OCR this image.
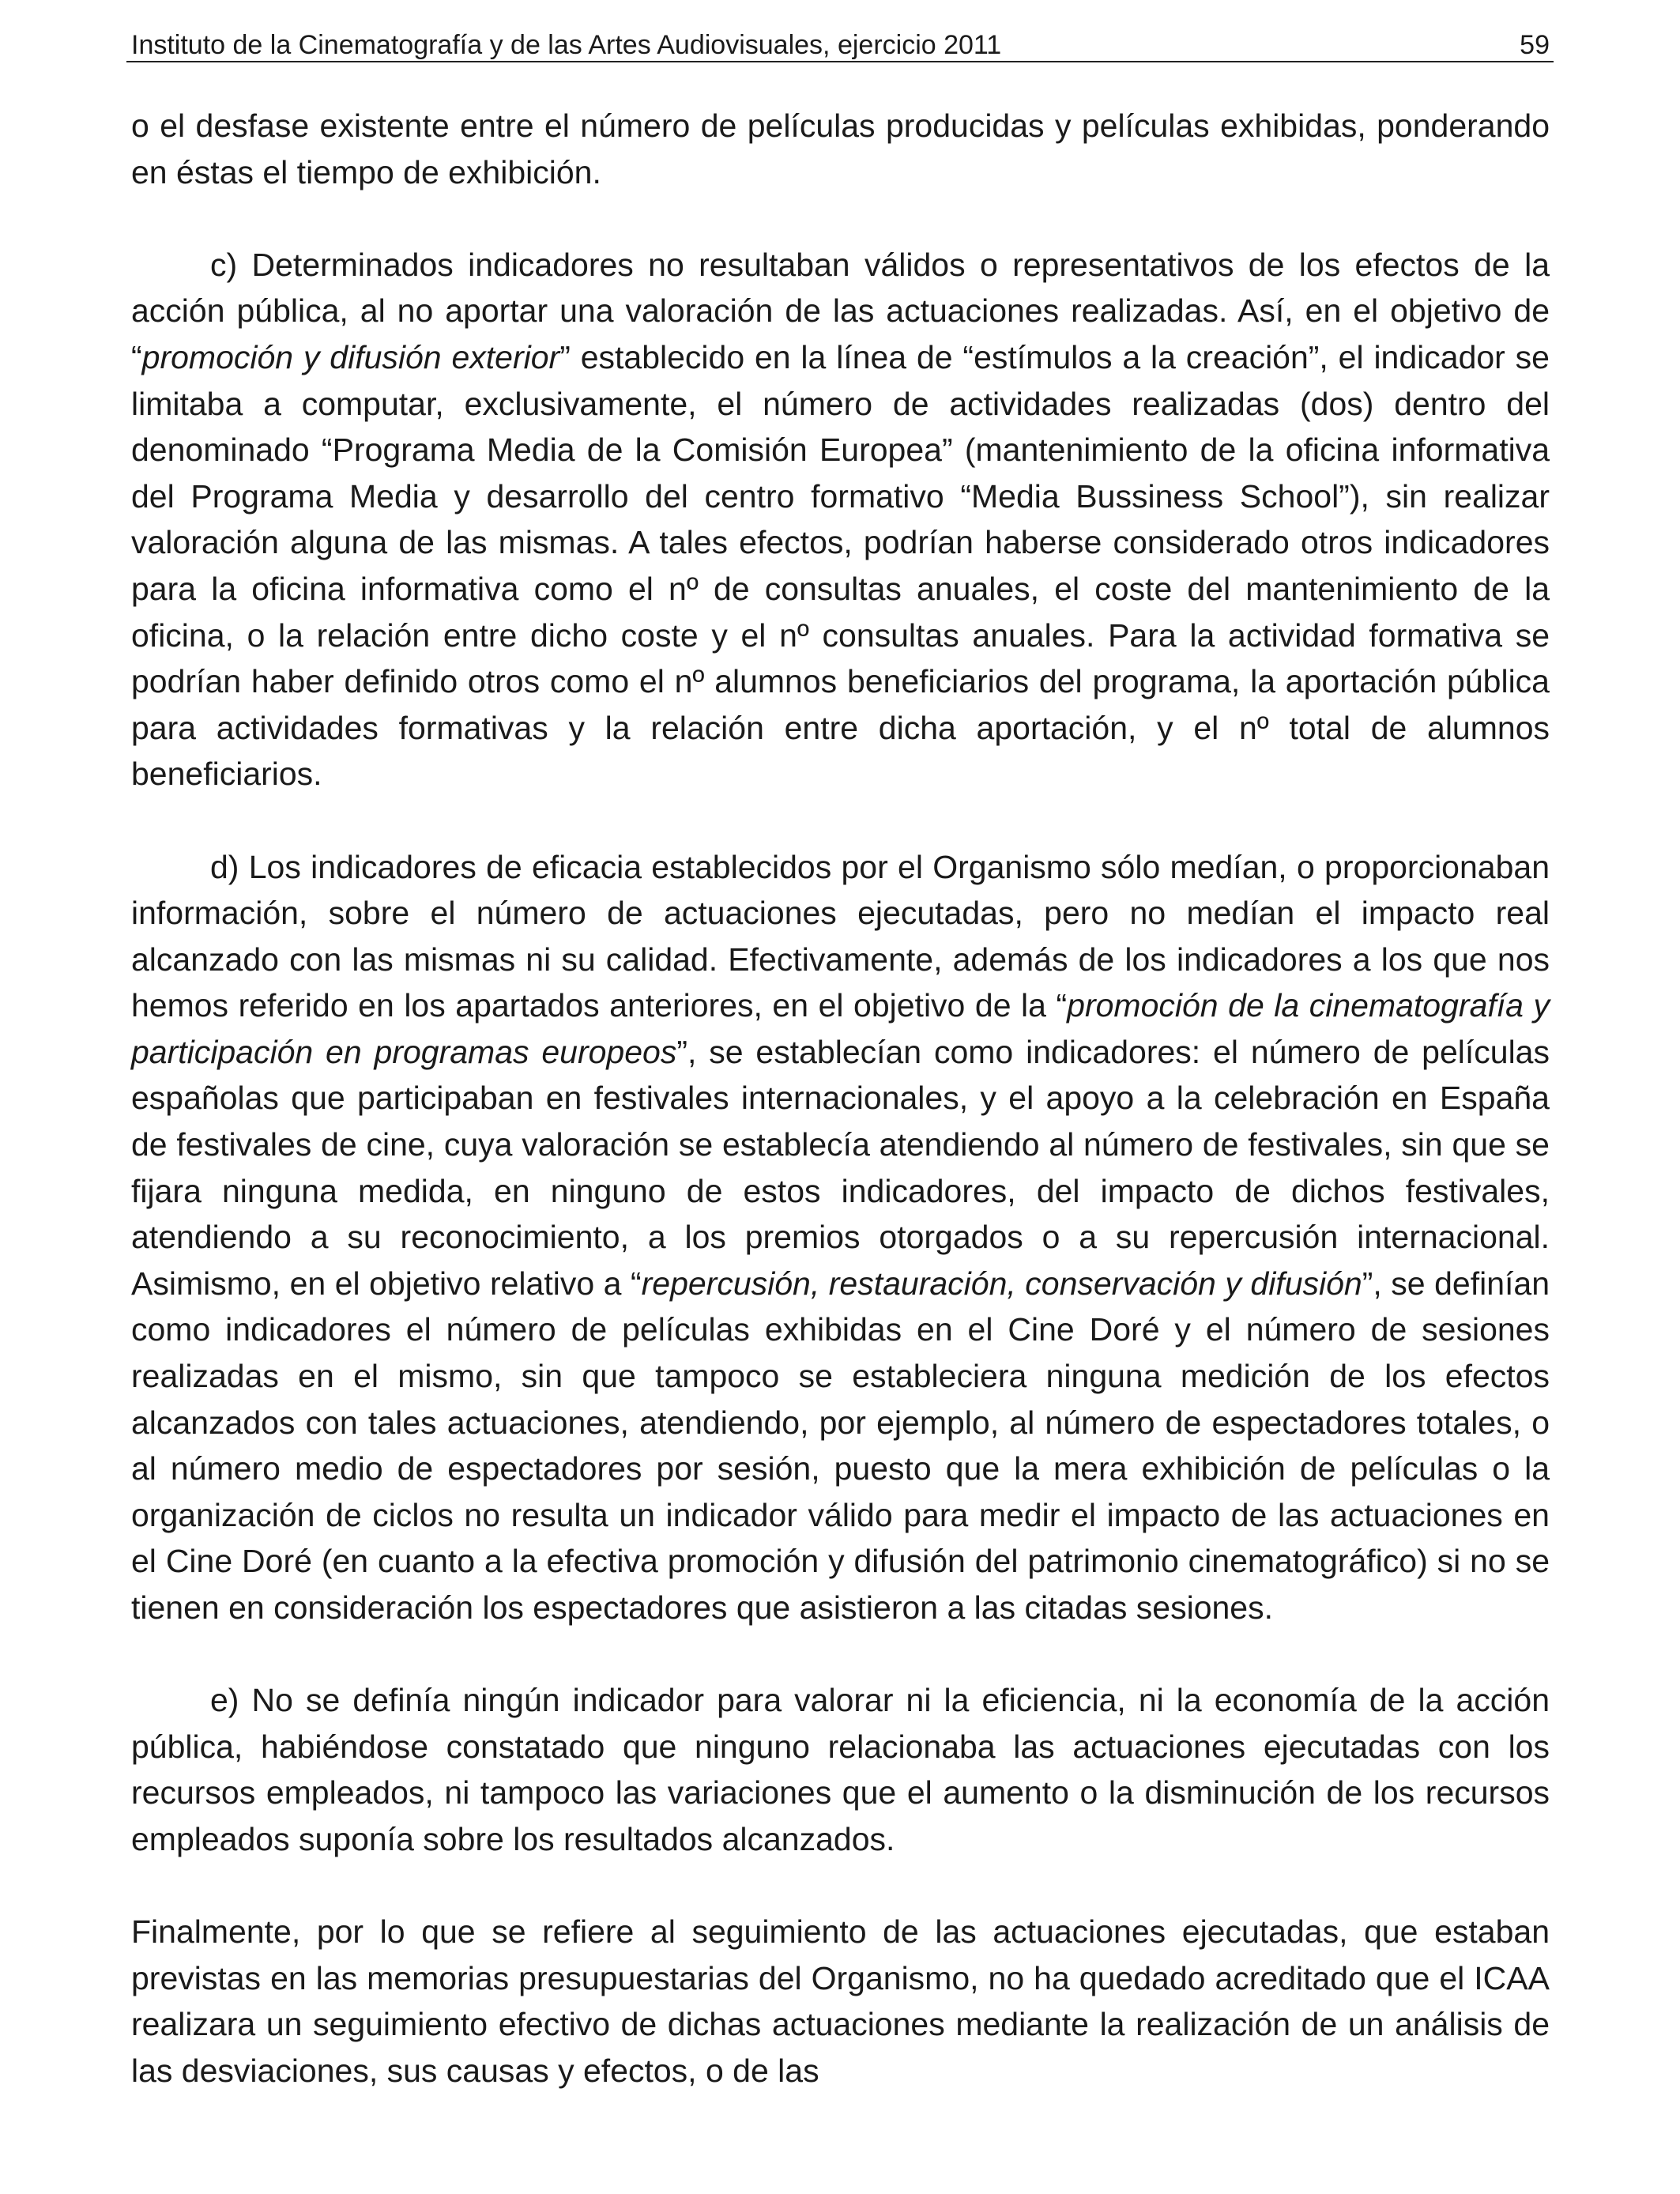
Instituto de la Cinematografía y de las Artes Audiovisuales, ejercicio 2011	59

o el desfase existente entre el número de películas producidas y películas exhibidas, ponderando en éstas el tiempo de exhibición.

c) Determinados indicadores no resultaban válidos o representativos de los efectos de la acción pública, al no aportar una valoración de las actuaciones realizadas. Así, en el objetivo de “promoción y difusión exterior” establecido en la línea de “estímulos a la creación”, el indicador se limitaba a computar, exclusivamente, el número de actividades realizadas (dos) dentro del denominado “Programa Media de la Comisión Europea” (mantenimiento de la oficina informativa del Programa Media y desarrollo del centro formativo “Media Bussiness School”), sin realizar valoración alguna de las mismas. A tales efectos, podrían haberse considerado otros indicadores para la oficina informativa como el nº de consultas anuales, el coste del mantenimiento de la oficina, o la relación entre dicho coste y el nº consultas anuales. Para la actividad formativa se podrían haber definido otros como el nº alumnos beneficiarios del programa, la aportación pública para actividades formativas y la relación entre dicha aportación, y el nº total de alumnos beneficiarios.

d) Los indicadores de eficacia establecidos por el Organismo sólo medían, o proporcionaban información, sobre el número de actuaciones ejecutadas, pero no medían el impacto real alcanzado con las mismas ni su calidad. Efectivamente, además de los indicadores a los que nos hemos referido en los apartados anteriores, en el objetivo de la “promoción de la cinematografía y participación en programas europeos”, se establecían como indicadores: el número de películas españolas que participaban en festivales internacionales, y el apoyo a la celebración en España de festivales de cine, cuya valoración se establecía atendiendo al número de festivales, sin que se fijara ninguna medida, en ninguno de estos indicadores, del impacto de dichos festivales, atendiendo a su reconocimiento, a los premios otorgados o a su repercusión internacional. Asimismo, en el objetivo relativo a “repercusión, restauración, conservación y difusión”, se definían como indicadores el número de películas exhibidas en el Cine Doré y el número de sesiones realizadas en el mismo, sin que tampoco se estableciera ninguna medición de los efectos alcanzados con tales actuaciones, atendiendo, por ejemplo, al número de espectadores totales, o al número medio de espectadores por sesión, puesto que la mera exhibición de películas o la organización de ciclos no resulta un indicador válido para medir el impacto de las actuaciones en el Cine Doré (en cuanto a la efectiva promoción y difusión del patrimonio cinematográfico) si no se tienen en consideración los espectadores que asistieron a las citadas sesiones.

e) No se definía ningún indicador para valorar ni la eficiencia, ni la economía de la acción pública, habiéndose constatado que ninguno relacionaba las actuaciones ejecutadas con los recursos empleados, ni tampoco las variaciones que el aumento o la disminución de los recursos empleados suponía sobre los resultados alcanzados.

Finalmente, por lo que se refiere al seguimiento de las actuaciones ejecutadas, que estaban previstas en las memorias presupuestarias del Organismo, no ha quedado acreditado que el ICAA realizara un seguimiento efectivo de dichas actuaciones mediante la realización de un análisis de las desviaciones, sus causas y efectos, o de las
